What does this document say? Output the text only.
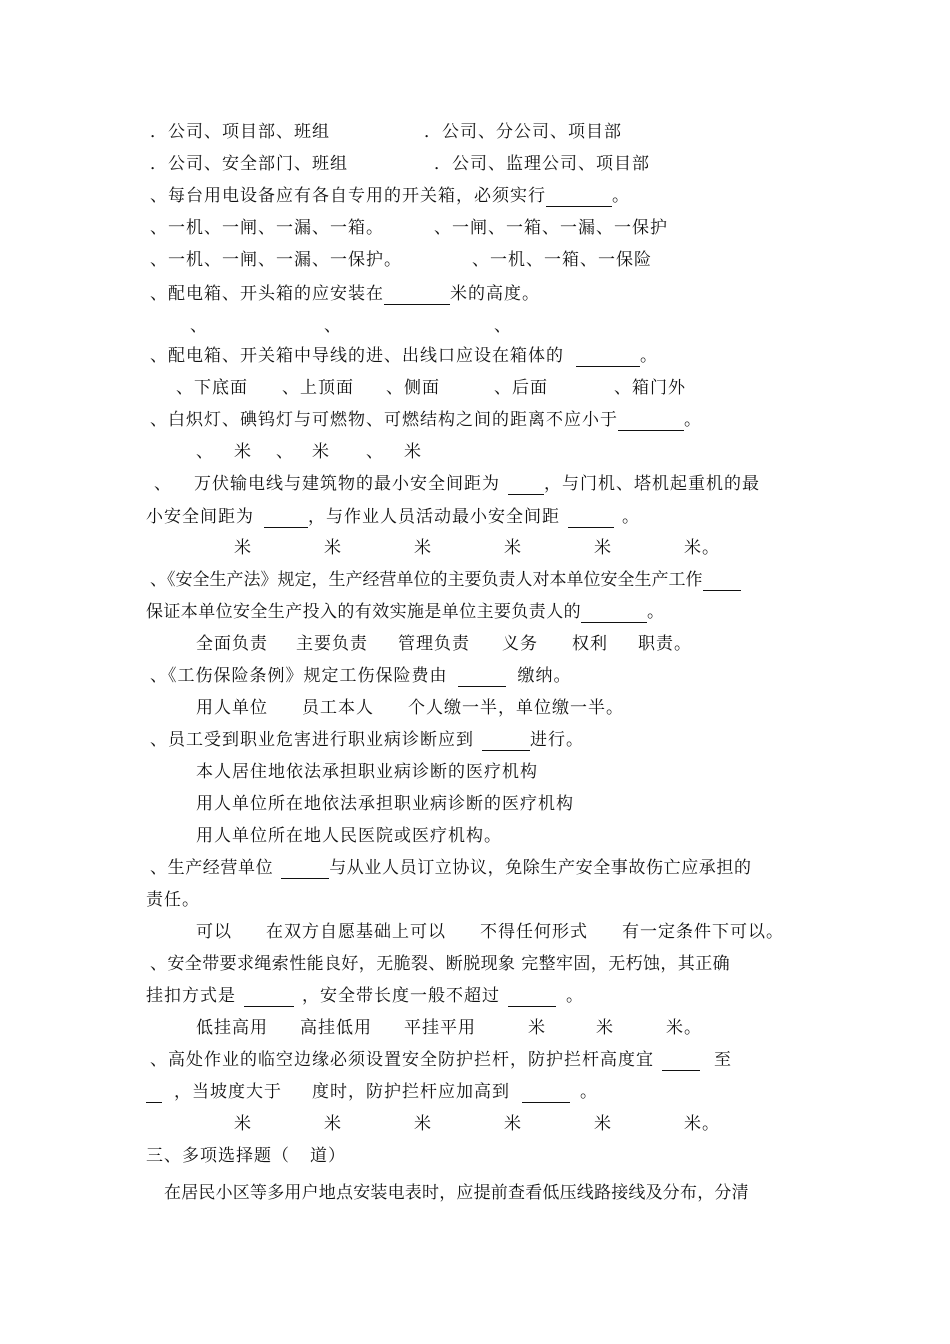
．公司、项目部、班组	．公司、分公司、项目部
．公司、安全部门、班组	．公司、监理公司、项目部
、每台用电设备应有各自专用的开关箱，必须实行	。
、一机、一闸、一漏、一箱。	、一闸、一箱、一漏、一保护
、一机、一闸、一漏、一保护。	、一机、一箱、一保险
、配电箱、开头箱的应安装在	米的高度。
、	、	、
、配电箱、开关箱中导线的进、出线口应设在箱体的	。
、下底面 、上顶面 、侧面	、后面	、箱门外
、白炽灯、碘钨灯与可燃物、可燃结构之间的距离不应小于	。
、 米 、 米 、 米
、 万伏输电线与建筑物的最小安全间距为	，与门机、塔机起重机的最
小安全间距为	，与作业人员活动最小安全间距	。
米	米	米	米	米	米。
、《安全生产法》规定，生产经营单位的主要负责人对本单位安全生产工作
保证本单位安全生产投入的有效实施是单位主要负责人的	。
全面负责 主要负责 管理负责 义务 权利 职责。
、《工伤保险条例》规定工伤保险费由	缴纳。
用人单位 员工本人 个人缴一半，单位缴一半。
、员工受到职业危害进行职业病诊断应到	进行。
本人居住地依法承担职业病诊断的医疗机构
用人单位所在地依法承担职业病诊断的医疗机构
用人单位所在地人民医院或医疗机构。
、生产经营单位	与从业人员订立协议，免除生产安全事故伤亡应承担的
责任。
可以 在双方自愿基础上可以 不得任何形式 有一定条件下可以。
、安全带要求绳索性能良好，无脆裂、断脱现象 完整牢固，无朽蚀，其正确
挂扣方式是	，安全带长度一般不超过	。
低挂高用 高挂低用 平挂平用	米	米	米。
、高处作业的临空边缘必须设置安全防护拦杆，防护拦杆高度宜	至
，当坡度大于 度时，防护拦杆应加高到	。
米	米	米	米	米	米。
三、多项选择题（ 道）
在居民小区等多用户地点安装电表时，应提前查看低压线路接线及分布，分清
